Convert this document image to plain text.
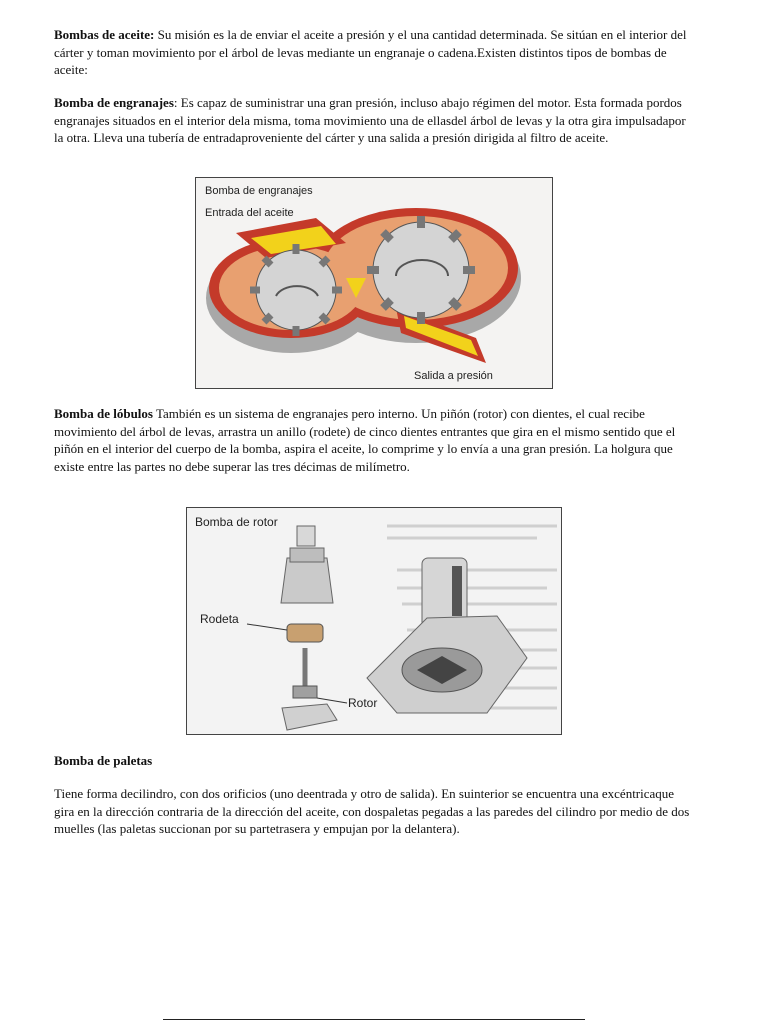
Bombas de aceite: Su misión es la de enviar el aceite a presión y el una cantidad determinada. Se sitúan en el interior del cárter y toman movimiento por el árbol de levas mediante un engranaje o cadena.Existen distintos tipos de bombas de aceite:

Bomba de engranajes: Es capaz de suministrar una gran presión, incluso abajo régimen del motor. Esta formada pordos engranajes situados en el interior dela misma, toma movimiento una de ellasdel árbol de levas y la otra gira impulsadapor la otra. Lleva una tubería de entradaproveniente del cárter y una salida a presión dirigida al filtro de aceite.

Bomba de engranajes
Entrada del aceite
Salida a presión

Bomba de lóbulos También es un sistema de engranajes pero interno. Un piñón (rotor) con dientes, el cual recibe movimiento del árbol de levas, arrastra un anillo (rodete) de cinco dientes entrantes que gira en el mismo sentido que el piñón en el interior del cuerpo de la bomba, aspira el aceite, lo comprime y lo envía a una gran presión. La holgura que existe entre las partes no debe superar las tres décimas de milímetro.

Bomba de rotor
Rodeta
Rotor

Bomba de paletas

Tiene forma decilindro, con dos orificios (uno deentrada y otro de salida). En suinterior se encuentra una excéntricaque gira en la dirección contraria de la dirección del aceite, con dospaletas pegadas a las paredes del cilindro por medio de dos muelles (las paletas succionan por su partetrasera y empujan por la delantera).
